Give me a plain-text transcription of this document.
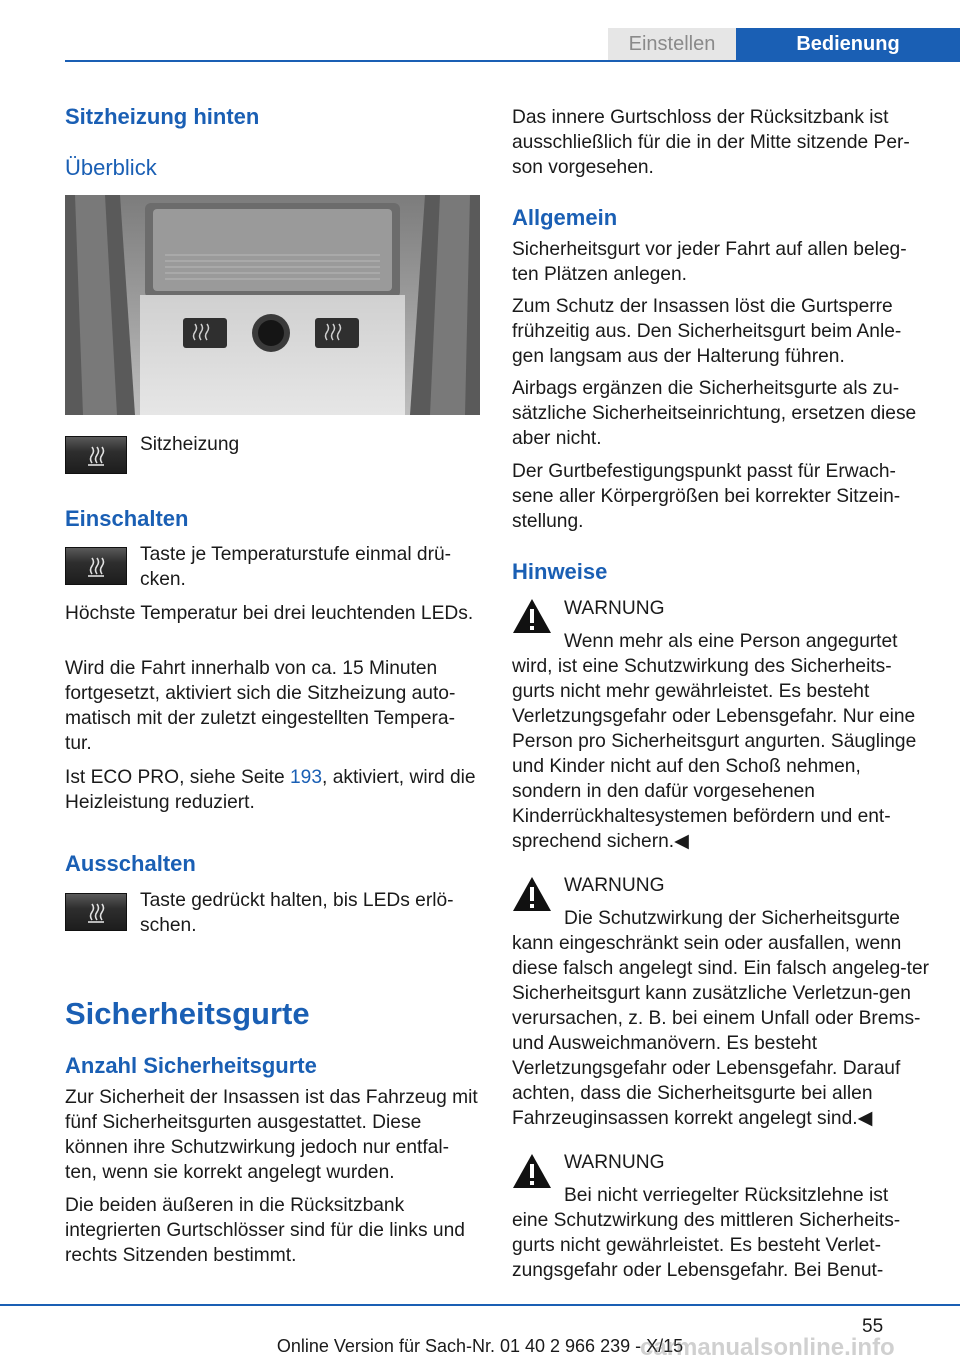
Einstellen	Bedienung
Sitzheizung hinten
Überblick

Sitzheizung

Einschalten

Taste je Temperaturstufe einmal drü‐cken.

Höchste Temperatur bei drei leuchtenden LEDs.

Wird die Fahrt innerhalb von ca. 15 Minuten fortgesetzt, aktiviert sich die Sitzheizung auto‐matisch mit der zuletzt eingestellten Tempera‐tur.

Ist ECO PRO, siehe Seite 193, aktiviert, wird die Heizleistung reduziert.

Ausschalten

Taste gedrückt halten, bis LEDs erlö‐schen.

Sicherheitsgurte
Anzahl Sicherheitsgurte

Zur Sicherheit der Insassen ist das Fahrzeug mit fünf Sicherheitsgurten ausgestattet. Diese können ihre Schutzwirkung jedoch nur entfal‐ten, wenn sie korrekt angelegt wurden.

Die beiden äußeren in die Rücksitzbank integrierten Gurtschlösser sind für die links und rechts Sitzenden bestimmt.

Das innere Gurtschloss der Rücksitzbank ist ausschließlich für die in der Mitte sitzende Per‐son vorgesehen.

Allgemein

Sicherheitsgurt vor jeder Fahrt auf allen beleg‐ten Plätzen anlegen.

Zum Schutz der Insassen löst die Gurtsperre frühzeitig aus. Den Sicherheitsgurt beim Anle‐gen langsam aus der Halterung führen.

Airbags ergänzen die Sicherheitsgurte als zu‐sätzliche Sicherheitseinrichtung, ersetzen diese aber nicht.

Der Gurtbefestigungspunkt passt für Erwach‐sene aller Körpergrößen bei korrekter Sitzein‐stellung.

Hinweise

WARNUNG

Wenn mehr als eine Person angegurtet

wird, ist eine Schutzwirkung des Sicherheits‐gurts nicht mehr gewährleistet. Es besteht Verletzungsgefahr oder Lebensgefahr. Nur eine Person pro Sicherheitsgurt angurten. Säuglinge und Kinder nicht auf den Schoß nehmen, sondern in den dafür vorgesehenen Kinderrückhaltesystemen befördern und ent‐sprechend sichern.◀

WARNUNG

Die Schutzwirkung der Sicherheitsgurte

kann eingeschränkt sein oder ausfallen, wenn diese falsch angelegt sind. Ein falsch angeleg‐ter Sicherheitsgurt kann zusätzliche Verletzun‐gen verursachen, z. B. bei einem Unfall oder Brems- und Ausweichmanövern. Es besteht Verletzungsgefahr oder Lebensgefahr. Darauf achten, dass die Sicherheitsgurte bei allen Fahrzeuginsassen korrekt angelegt sind.◀

WARNUNG

Bei nicht verriegelter Rücksitzlehne ist

eine Schutzwirkung des mittleren Sicherheits‐gurts nicht gewährleistet. Es besteht Verlet‐zungsgefahr oder Lebensgefahr. Bei Benut‐

55
Online Version für Sach-Nr. 01 40 2 966 239 - X/15
carmanualsonline.info
